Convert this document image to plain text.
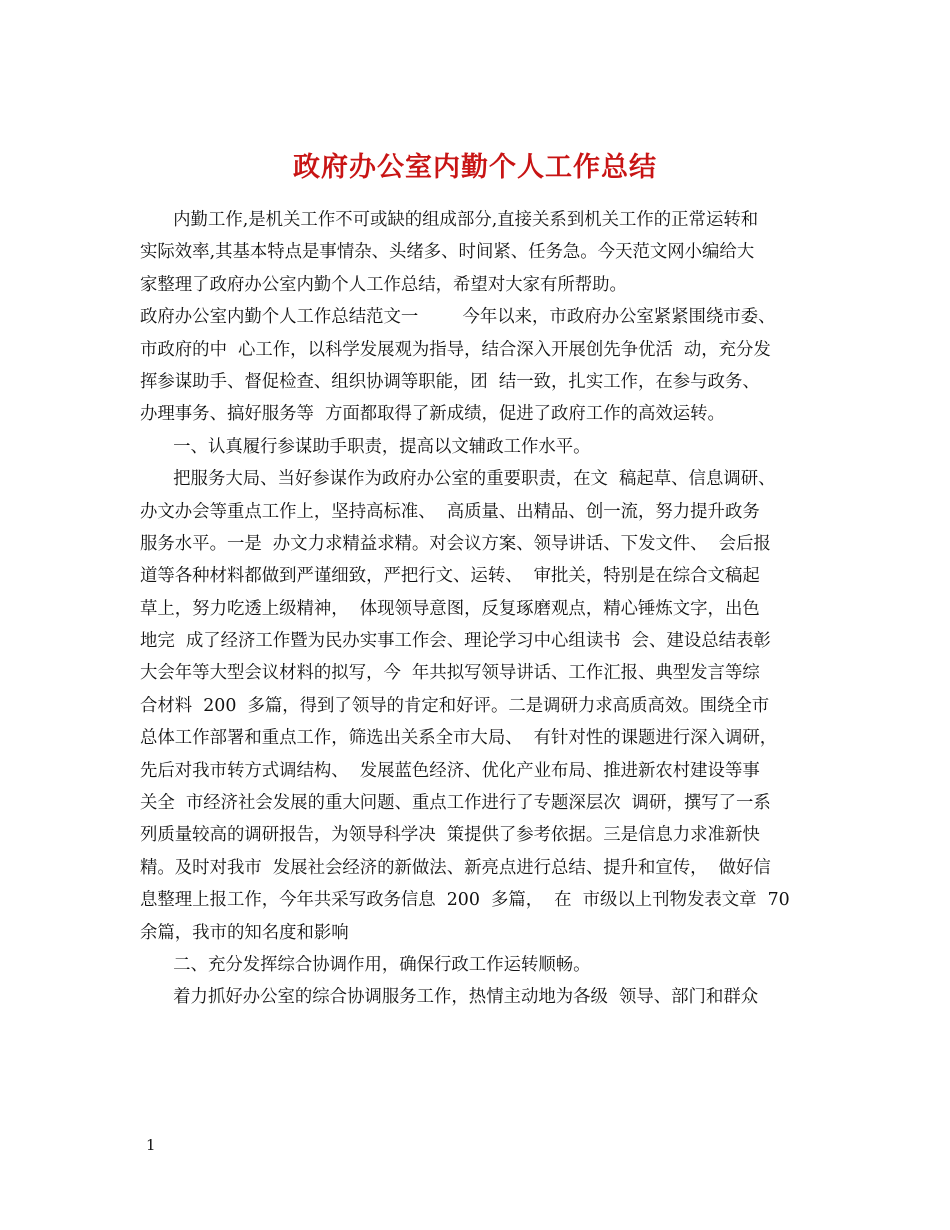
政府办公室内勤个人工作总结
内勤工作,是机关工作不可或缺的组成部分,直接关系到机关工作的正常运转和
实际效率,其基本特点是事情杂、头绪多、时间紧、任务急。今天范文网小编给大
家整理了政府办公室内勤个人工作总结，希望对大家有所帮助。
政府办公室内勤个人工作总结范文一        今年以来，市政府办公室紧紧围绕市委、
市政府的中  心工作，以科学发展观为指导，结合深入开展创先争优活  动，充分发
挥参谋助手、督促检查、组织协调等职能，团  结一致，扎实工作，在参与政务、
办理事务、搞好服务等  方面都取得了新成绩，促进了政府工作的高效运转。
一、认真履行参谋助手职责，提高以文辅政工作水平。
把服务大局、当好参谋作为政府办公室的重要职责，在文  稿起草、信息调研、
办文办会等重点工作上，坚持高标准、  高质量、出精品、创一流，努力提升政务
服务水平。一是  办文力求精益求精。对会议方案、领导讲话、下发文件、  会后报
道等各种材料都做到严谨细致，严把行文、运转、  审批关，特别是在综合文稿起
草上，努力吃透上级精神，  体现领导意图，反复琢磨观点，精心锤炼文字，出色
地完  成了经济工作暨为民办实事工作会、理论学习中心组读书  会、建设总结表彰
大会年等大型会议材料的拟写，今  年共拟写领导讲话、工作汇报、典型发言等综
合材料  200  多篇，得到了领导的肯定和好评。二是调研力求高质高效。围绕全市
总体工作部署和重点工作，筛选出关系全市大局、  有针对性的课题进行深入调研，
先后对我市转方式调结构、  发展蓝色经济、优化产业布局、推进新农村建设等事
关全  市经济社会发展的重大问题、重点工作进行了专题深层次  调研，撰写了一系
列质量较高的调研报告，为领导科学决  策提供了参考依据。三是信息力求准新快
精。及时对我市  发展社会经济的新做法、新亮点进行总结、提升和宣传，  做好信
息整理上报工作，今年共采写政务信息  200  多篇，  在  市级以上刊物发表文章  70
余篇，我市的知名度和影响
二、充分发挥综合协调作用，确保行政工作运转顺畅。
着力抓好办公室的综合协调服务工作，热情主动地为各级  领导、部门和群众
1
